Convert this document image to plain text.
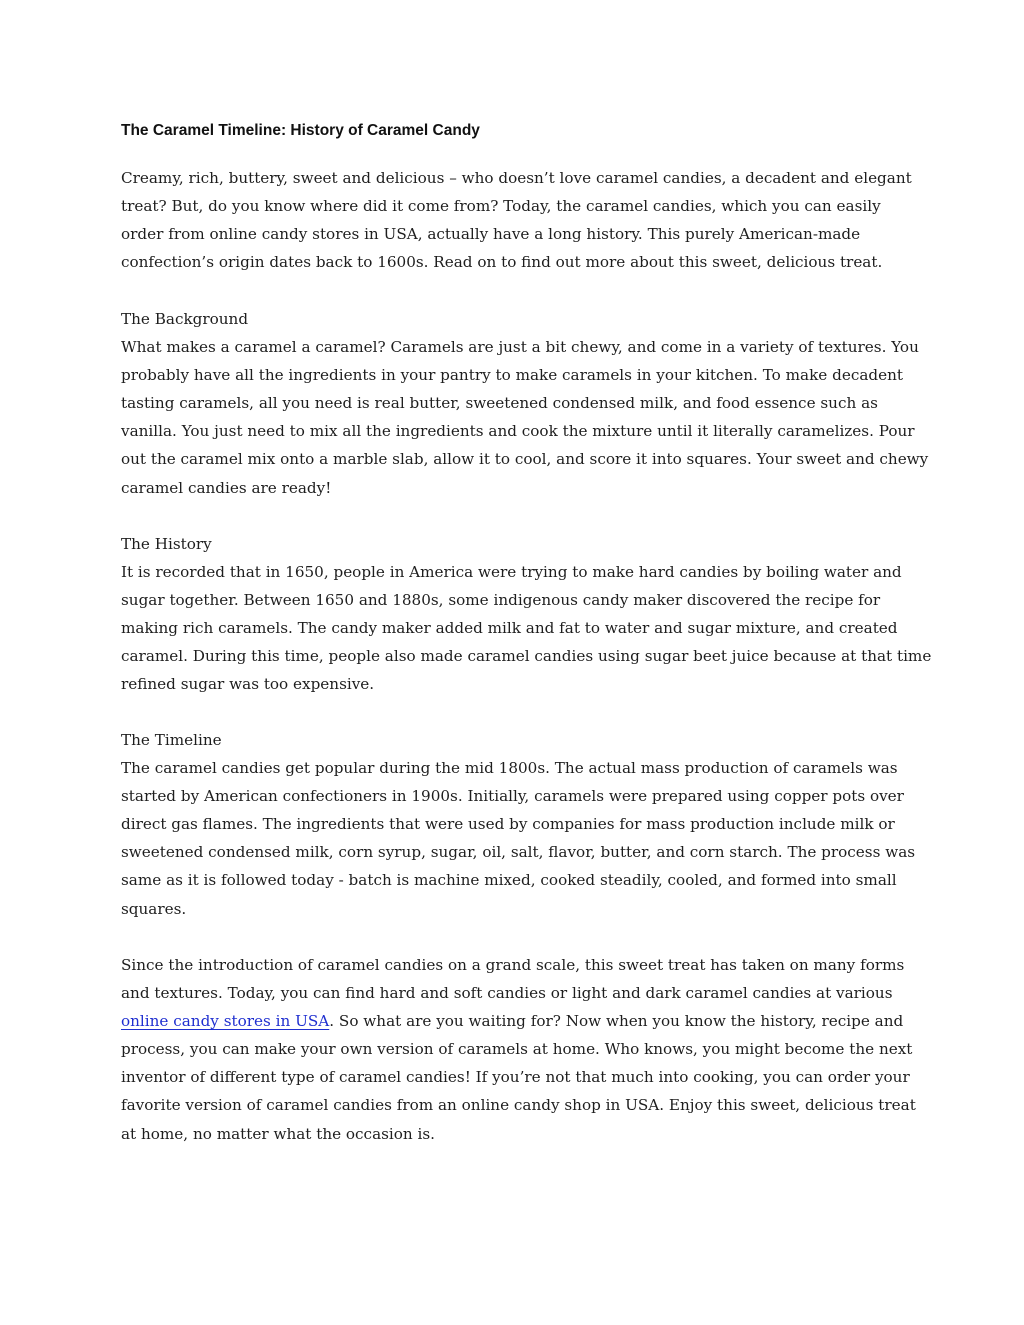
The Caramel Timeline: History of Caramel Candy

Creamy, rich, buttery, sweet and delicious – who doesn’t love caramel candies, a decadent and elegant
treat? But, do you know where did it come from? Today, the caramel candies, which you can easily
order from online candy stores in USA, actually have a long history. This purely American-made
confection’s origin dates back to 1600s. Read on to find out more about this sweet, delicious treat.

The Background
What makes a caramel a caramel? Caramels are just a bit chewy, and come in a variety of textures. You
probably have all the ingredients in your pantry to make caramels in your kitchen. To make decadent
tasting caramels, all you need is real butter, sweetened condensed milk, and food essence such as
vanilla. You just need to mix all the ingredients and cook the mixture until it literally caramelizes. Pour
out the caramel mix onto a marble slab, allow it to cool, and score it into squares. Your sweet and chewy
caramel candies are ready!
The History
It is recorded that in 1650, people in America were trying to make hard candies by boiling water and
sugar together. Between 1650 and 1880s, some indigenous candy maker discovered the recipe for
making rich caramels. The candy maker added milk and fat to water and sugar mixture, and created
caramel. During this time, people also made caramel candies using sugar beet juice because at that time
refined sugar was too expensive.
The Timeline
The caramel candies get popular during the mid 1800s. The actual mass production of caramels was
started by American confectioners in 1900s. Initially, caramels were prepared using copper pots over
direct gas flames. The ingredients that were used by companies for mass production include milk or
sweetened condensed milk, corn syrup, sugar, oil, salt, flavor, butter, and corn starch. The process was
same as it is followed today - batch is machine mixed, cooked steadily, cooled, and formed into small
squares.

Since the introduction of caramel candies on a grand scale, this sweet treat has taken on many forms
and textures. Today, you can find hard and soft candies or light and dark caramel candies at various
online candy stores in USA. So what are you waiting for? Now when you know the history, recipe and
process, you can make your own version of caramels at home. Who knows, you might become the next
inventor of different type of caramel candies! If you’re not that much into cooking, you can order your
favorite version of caramel candies from an online candy shop in USA. Enjoy this sweet, delicious treat
at home, no matter what the occasion is.
